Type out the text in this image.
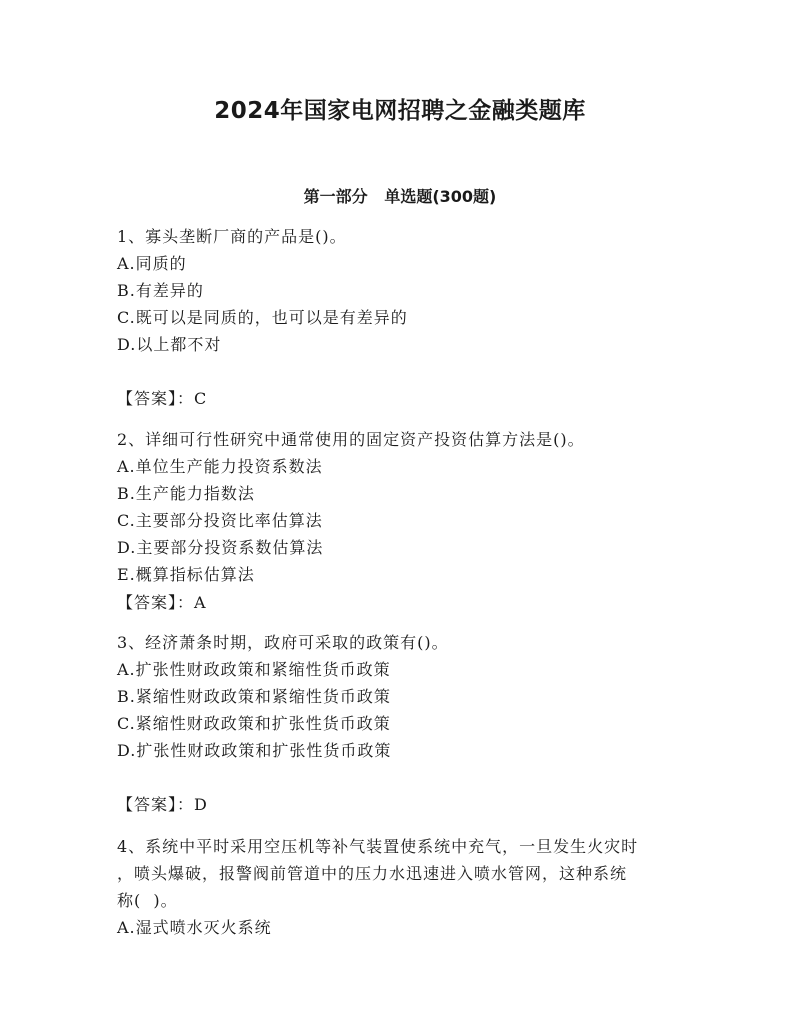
2024年国家电网招聘之金融类题库
第一部分   单选题(300题)
1、寡头垄断厂商的产品是()。
A.同质的
B.有差异的
C.既可以是同质的，也可以是有差异的
D.以上都不对
【答案】：C
2、详细可行性研究中通常使用的固定资产投资估算方法是()。
A.单位生产能力投资系数法
B.生产能力指数法
C.主要部分投资比率估算法
D.主要部分投资系数估算法
E.概算指标估算法
【答案】：A
3、经济萧条时期，政府可采取的政策有()。
A.扩张性财政政策和紧缩性货币政策
B.紧缩性财政政策和紧缩性货币政策
C.紧缩性财政政策和扩张性货币政策
D.扩张性财政政策和扩张性货币政策
【答案】：D
4、系统中平时采用空压机等补气装置使系统中充气，一旦发生火灾时
，喷头爆破，报警阀前管道中的压力水迅速进入喷水管网，这种系统
称(  )。
A.湿式喷水灭火系统
